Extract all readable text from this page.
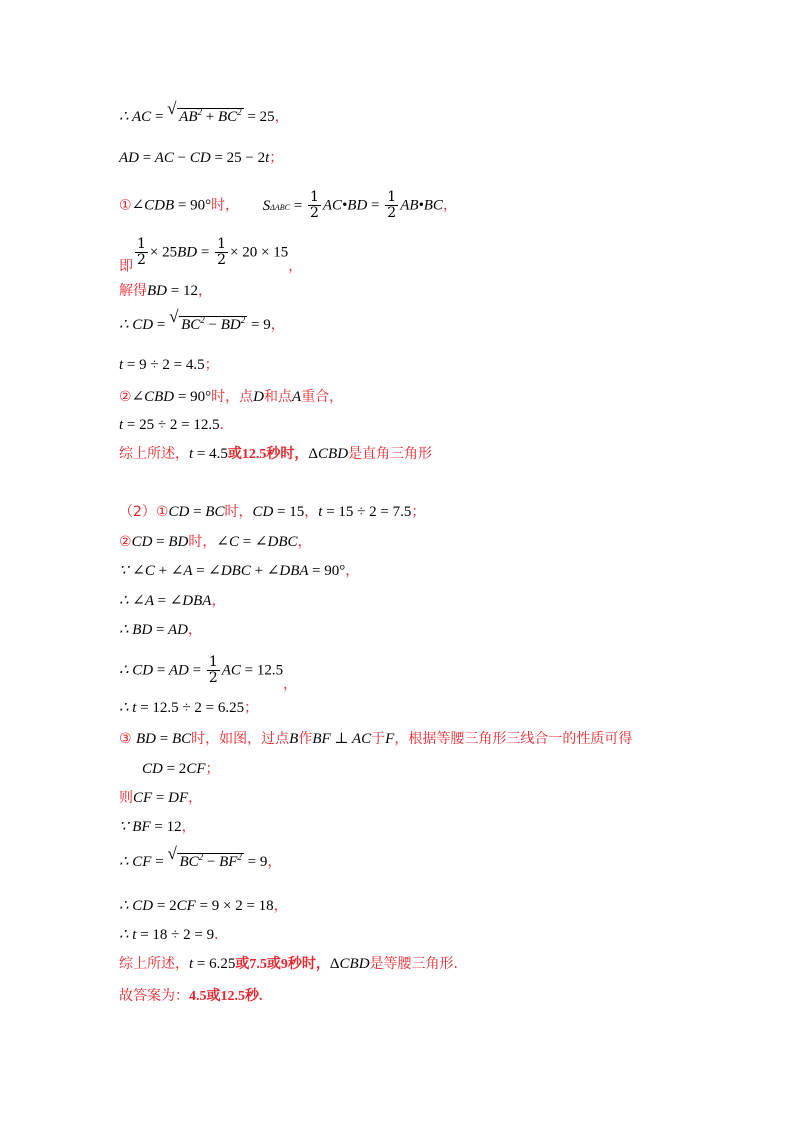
∴ AC = √ $AB^2 + BC^2 = 25$，
AD = AC − CD = 25 − 2t；
①∠CDB = 90°时， $S\Delta ABC = \frac{1}{2}$ AC•BD = $\frac{1}{2}$ AB•BC，
即 $\frac{1}{2} \times 25BD = \frac{1}{2} \times 20 \times 15$，
解得BD = 12，
∴ CD = √ $BC^2 - BD^2 = 9$，
t = 9 ÷ 2 = 4.5；
②∠CBD = 90°时，点D和点A重合，
t = 25 ÷ 2 = 12.5．
综上所述，t = 4.5或12.5秒时，ΔCBD是直角三角形
（2）①CD = BC时，CD = 15，t = 15 ÷ 2 = 7.5；
②CD = BD时，∠C = ∠DBC，
∵ ∠C + ∠A = ∠DBC + ∠DBA = 90°，
∴ ∠A = ∠DBA，
∴ BD = AD，
∴ CD = AD = $\frac{1}{2}$ AC = 12.5，
∴ t = 12.5 ÷ 2 = 6.25；
③ BD = BC时，如图，过点B作BF ⊥ AC于F，根据等腰三角形三线合一的性质可得
CD = 2CF；
则CF = DF，
∵ BF = 12，
∴ CF = √ $BC^2 - BF^2 = 9$，
∴ CD = 2CF = 9 × 2 = 18，
∴ t = 18 ÷ 2 = 9．
综上所述，t = 6.25或7.5或9秒时，ΔCBD是等腰三角形.
故答案为：4.5或12.5秒.
